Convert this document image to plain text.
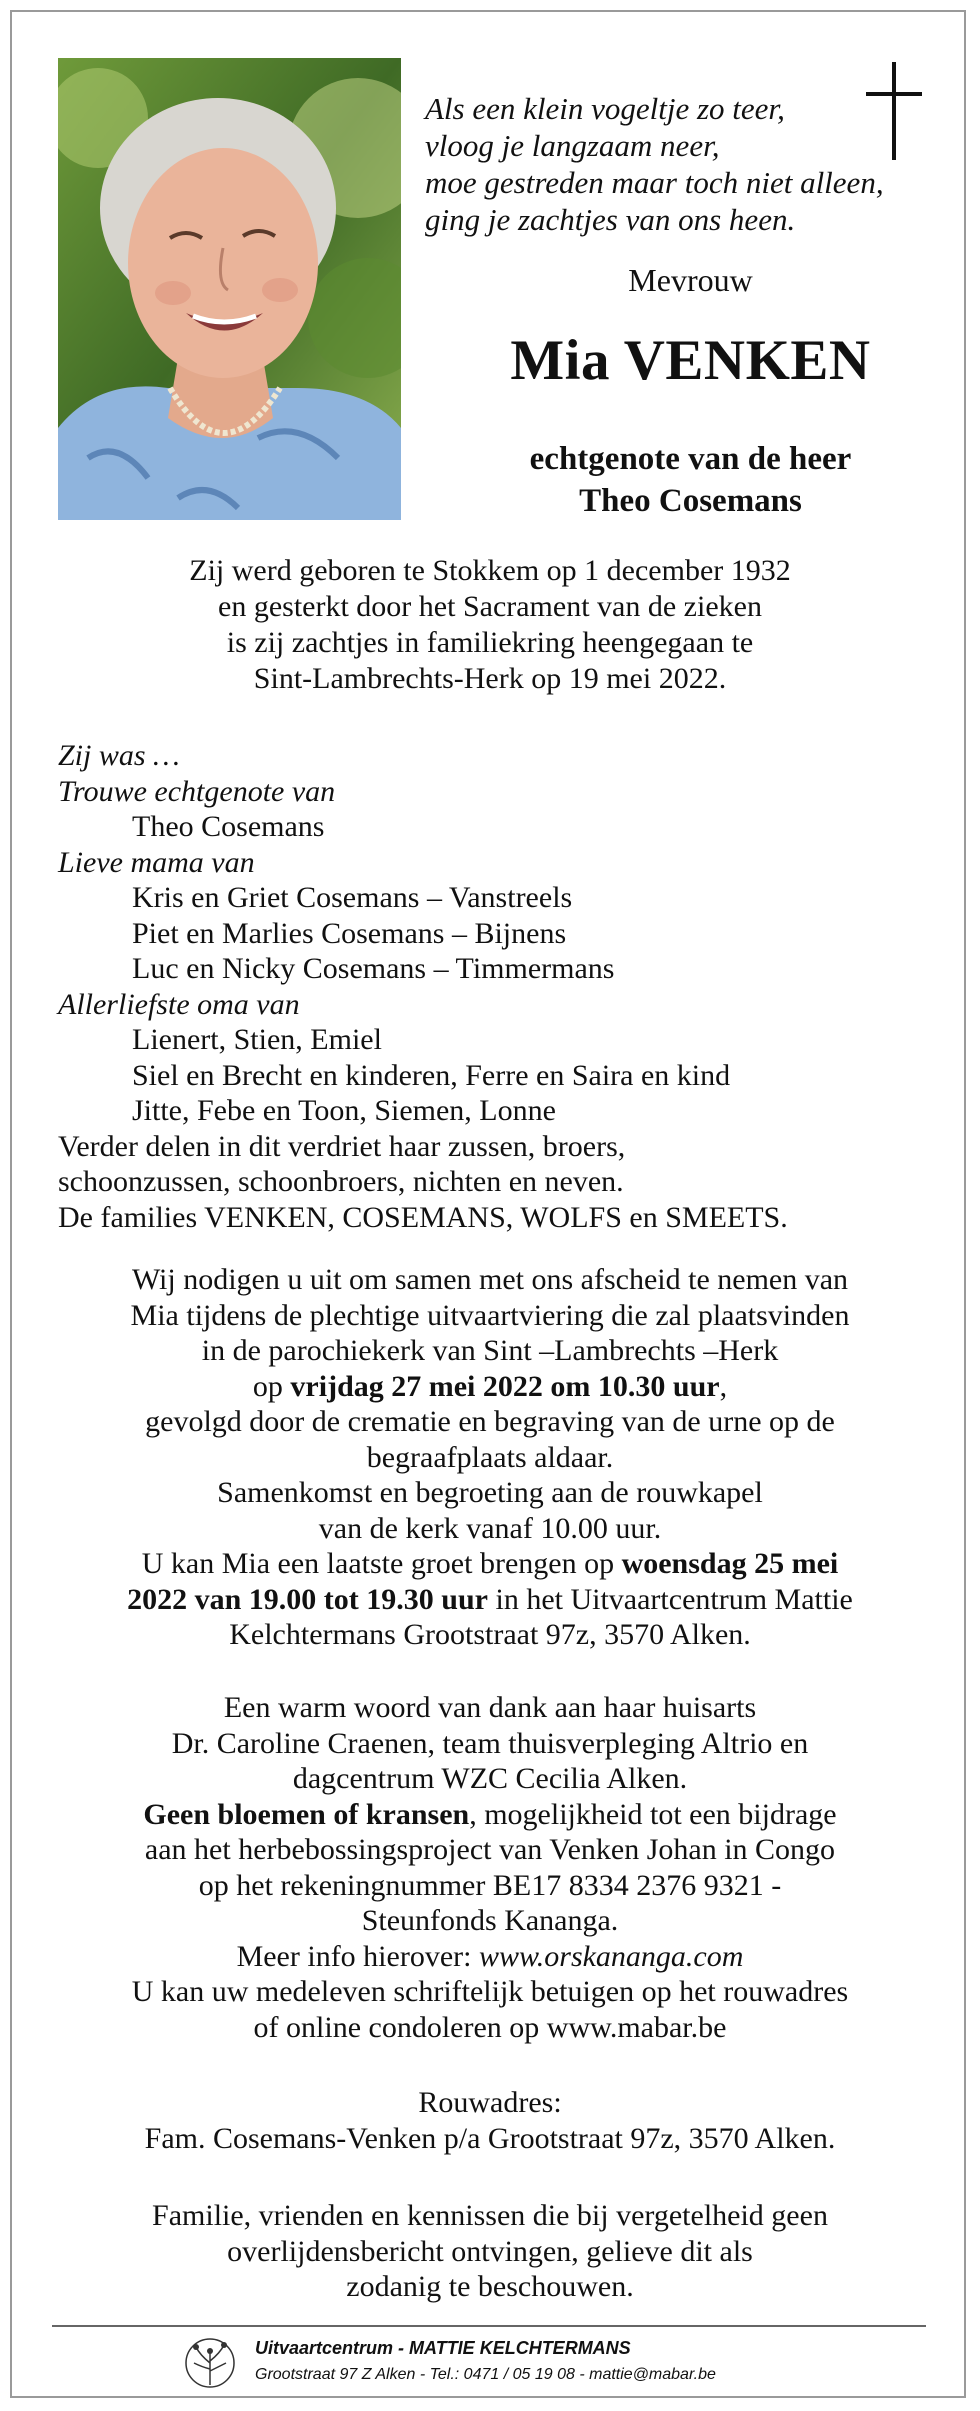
Als een klein vogeltje zo teer,
vloog je langzaam neer,
moe gestreden maar toch niet alleen,
ging je zachtjes van ons heen.
Mevrouw
Mia VENKEN
echtgenote van de heer
Theo Cosemans
Zij werd geboren te Stokkem op 1 december 1932
en gesterkt door het Sacrament van de zieken
is zij zachtjes in familiekring heengegaan te
Sint-Lambrechts-Herk op 19 mei 2022.
Zij was …
Trouwe echtgenote van
Theo Cosemans
Lieve mama van
Kris en Griet Cosemans – Vanstreels
Piet en Marlies Cosemans – Bijnens
Luc en Nicky Cosemans – Timmermans
Allerliefste oma van
Lienert, Stien, Emiel
Siel en Brecht en kinderen, Ferre en Saira en kind
Jitte, Febe en Toon, Siemen, Lonne
Verder delen in dit verdriet haar zussen, broers,
schoonzussen, schoonbroers, nichten en neven.
De families VENKEN, COSEMANS, WOLFS en SMEETS.
Wij nodigen u uit om samen met ons afscheid te nemen van
Mia tijdens de plechtige uitvaartviering die zal plaatsvinden
in de parochiekerk van Sint –Lambrechts –Herk
op vrijdag 27 mei 2022 om 10.30 uur,
gevolgd door de crematie en begraving van de urne op de
begraafplaats aldaar.
Samenkomst en begroeting aan de rouwkapel
van de kerk vanaf 10.00 uur.
U kan Mia een laatste groet brengen op woensdag 25 mei
2022 van 19.00 tot 19.30 uur in het Uitvaartcentrum Mattie
Kelchtermans Grootstraat 97z, 3570 Alken.
Een warm woord van dank aan haar huisarts
Dr. Caroline Craenen, team thuisverpleging Altrio en
dagcentrum WZC Cecilia Alken.
Geen bloemen of kransen, mogelijkheid tot een bijdrage
aan het herbebossingsproject van Venken Johan in Congo
op het rekeningnummer BE17 8334 2376 9321 -
Steunfonds Kananga.
Meer info hierover: www.orskananga.com
U kan uw medeleven schriftelijk betuigen op het rouwadres
of online condoleren op www.mabar.be
Rouwadres:
Fam. Cosemans-Venken p/a Grootstraat 97z, 3570 Alken.
Familie, vrienden en kennissen die bij vergetelheid geen
overlijdensbericht ontvingen, gelieve dit als
zodanig te beschouwen.
Uitvaartcentrum - MATTIE KELCHTERMANS
Grootstraat 97 Z Alken - Tel.: 0471 / 05 19 08 - mattie@mabar.be
